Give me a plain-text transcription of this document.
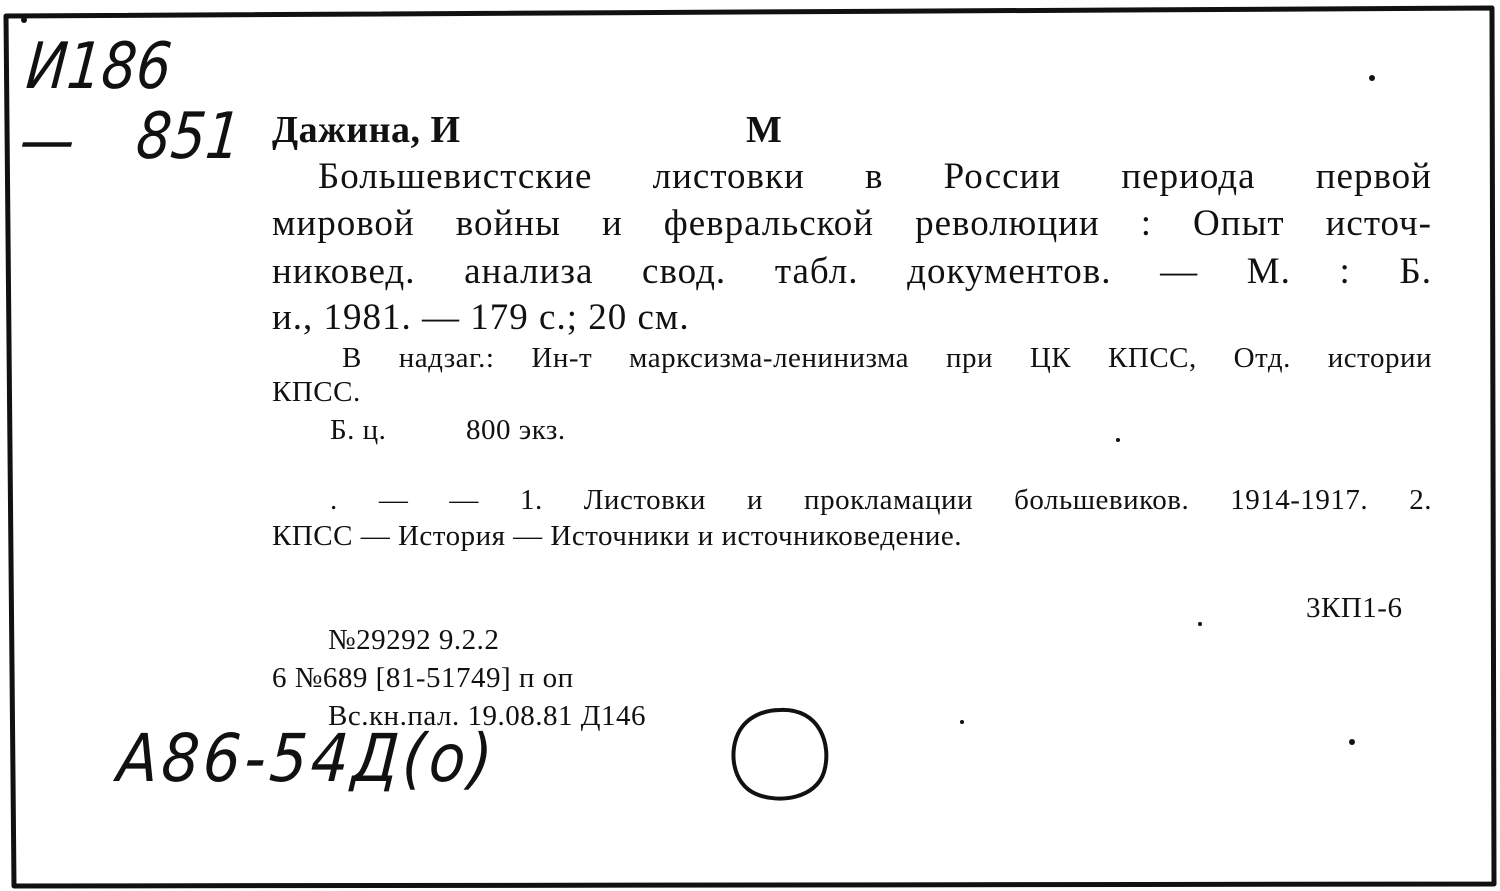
И186— 851 Дажина, И	М
Большевистские листовки в России периода первой
мировой войны и февральской революции : Опыт источ-
никовед. анализа свод. табл. документов. — М. : Б.
и., 1981. — 179 с.; 20 см.
В надзаг.: Ин-т марксизма-ленинизма при ЦК КПСС, Отд. истории
КПСС.
Б. ц.	800 экз.
. — — 1. Листовки и прокламации большевиков. 1914-1917. 2.
КПСС — История — Источники и источниковедение.
3КП1-6
№29292 9.2.2
6 №689 [81-51749] п оп
Вс.кн.пал. 19.08.81 Д146
А86-54Д(о)
